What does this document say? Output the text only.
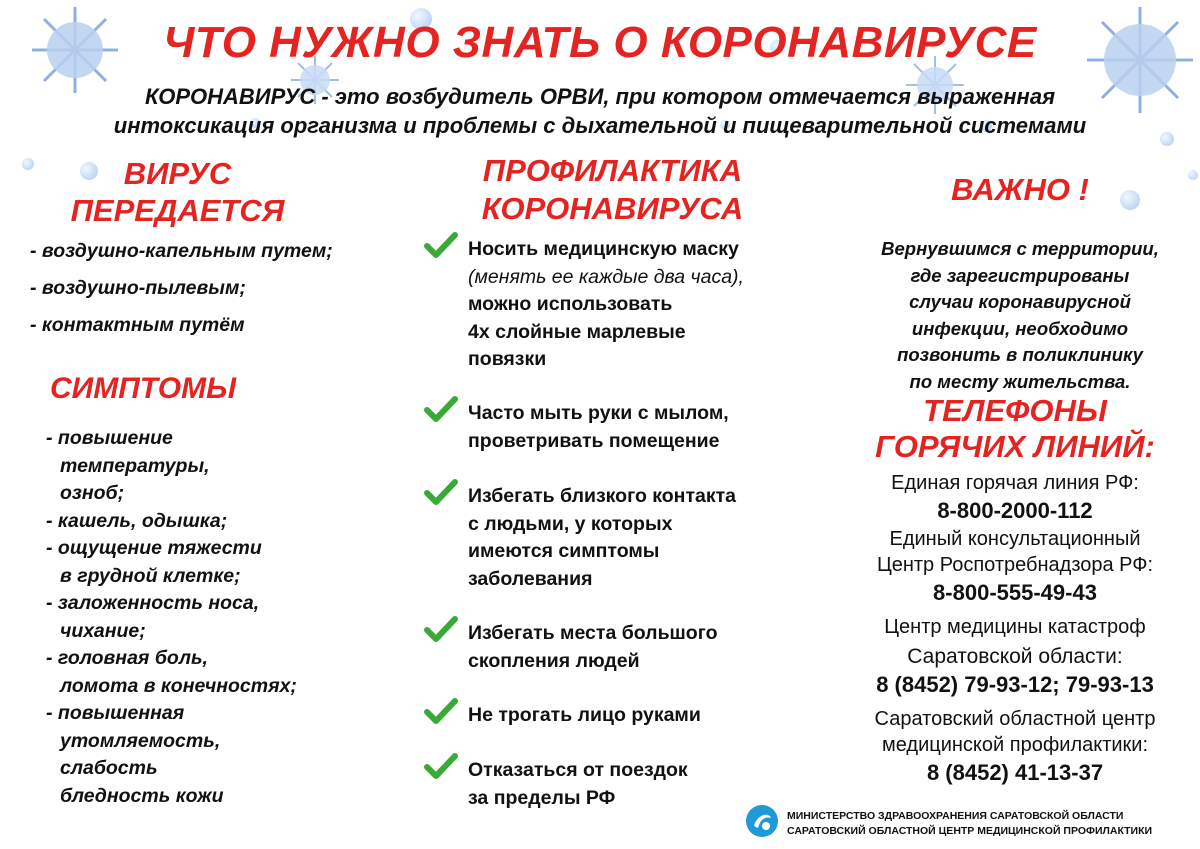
ЧТО НУЖНО ЗНАТЬ О КОРОНАВИРУСЕ
КОРОНАВИРУС - это возбудитель ОРВИ, при котором отмечается выраженная
интоксикация организма и проблемы с дыхательной и пищеварительной системами
ВИРУС
ПЕРЕДАЕТСЯ
- воздушно-капельным путем;
- воздушно-пылевым;
- контактным путём
СИМПТОМЫ
- повышение
температуры,
озноб;
- кашель, одышка;
- ощущение тяжести
в грудной клетке;
- заложенность носа,
чихание;
- головная боль,
ломота в конечностях;
- повышенная
утомляемость,
слабость
бледность кожи
ПРОФИЛАКТИКА
КОРОНАВИРУСА
Носить медицинскую маску
(менять ее каждые два часа),
можно использовать
4х слойные марлевые
повязки
Часто мыть руки с мылом,
проветривать помещение
Избегать близкого контакта
с людьми, у которых
имеются симптомы
заболевания
Избегать места большого
скопления людей
Не трогать лицо руками
Отказаться от поездок
за пределы РФ
ВАЖНО !
Вернувшимся с территории,
где зарегистрированы
случаи коронавирусной
инфекции, необходимо
позвонить в поликлинику
по месту жительства.
ТЕЛЕФОНЫ
ГОРЯЧИХ ЛИНИЙ:
Единая горячая линия РФ:
8-800-2000-112
Единый консультационный
Центр Роспотребнадзора РФ:
8-800-555-49-43
Центр медицины катастроф
Саратовской области:
8 (8452) 79-93-12; 79-93-13
Саратовский областной центр
медицинской профилактики:
8 (8452) 41-13-37
МИНИСТЕРСТВО ЗДРАВООХРАНЕНИЯ САРАТОВСКОЙ ОБЛАСТИ
САРАТОВСКИЙ ОБЛАСТНОЙ ЦЕНТР МЕДИЦИНСКОЙ ПРОФИЛАКТИКИ
